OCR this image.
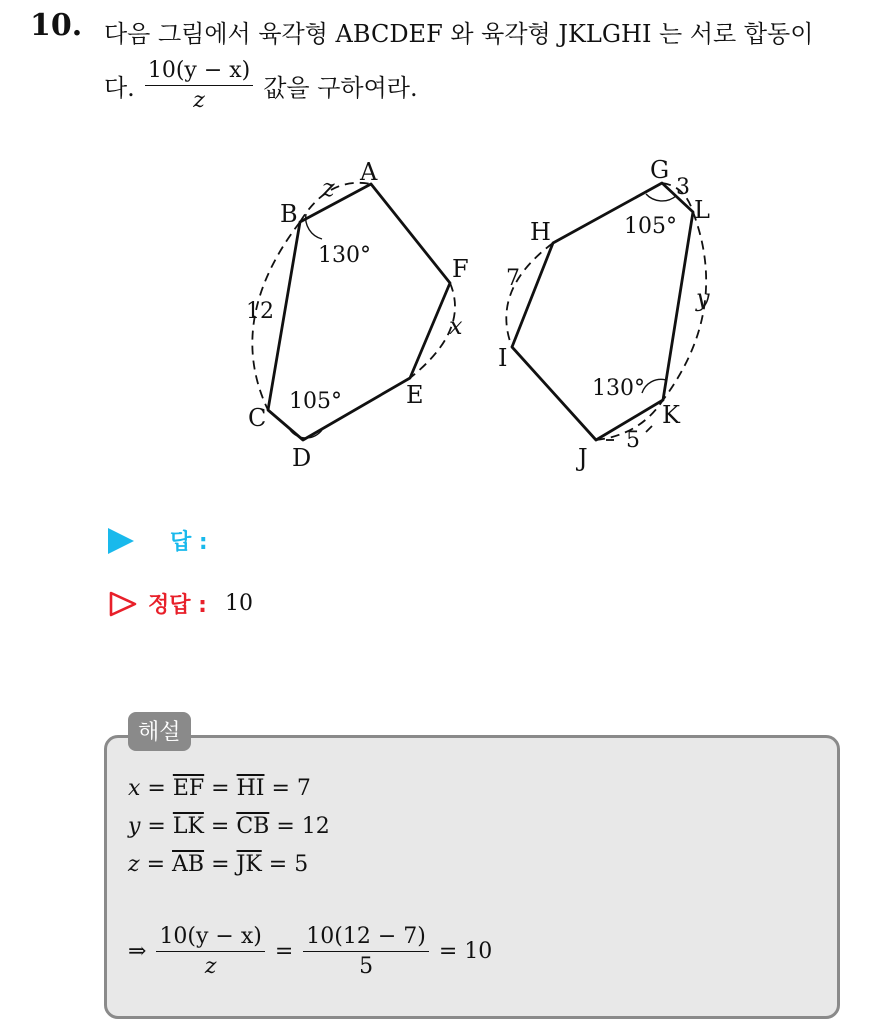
10. 다음 그림에서 육각형 ABCDEF 와 육각형 JKLGHI 는 서로 합동이
다. $\frac{10(y - x)}{z}$ 값을 구하여라.
A
B
C
D
E
F
G
H
I
J
K
L
130°
105°
105°
130°
12
7
3
5
z
x
y
답 :
정답 : 10
해설
$x = \overline{EF} = \overline{HI} = 7$
$y = \overline{LK} = \overline{CB} = 12$
$z = \overline{AB} = \overline{JK} = 5$
⇒ $\frac{10(y - x)}{z} = \frac{10(12 - 7)}{5} = 10$
